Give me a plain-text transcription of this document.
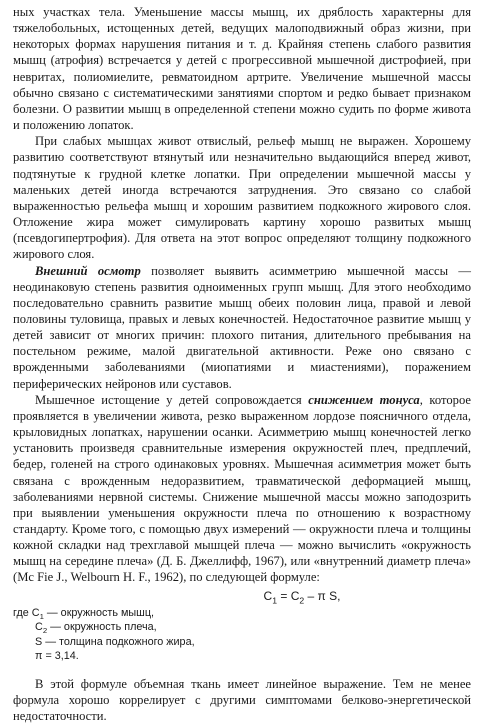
ных участках тела. Уменьшение массы мышц, их дряблость характерны для тяжелобольных, истощенных детей, ведущих малоподвижный образ жизни, при некоторых формах нарушения питания и т. д. Крайняя степень слабого развития мышц (атрофия) встречается у детей с прогрессивной мышечной дистрофией, при невритах, полиомиелите, ревматоидном артрите. Увеличение мышечной массы обычно связано с систематическими занятиями спортом и редко бывает признаком болезни. О развитии мышц в определенной степени можно судить по форме живота и положению лопаток.

При слабых мышцах живот отвислый, рельеф мышц не выражен. Хорошему развитию соответствуют втянутый или незначительно выдающийся вперед живот, подтянутые к грудной клетке лопатки. При определении мышечной массы у маленьких детей иногда встречаются затруднения. Это связано со слабой выраженностью рельефа мышц и хорошим развитием подкожного жирового слоя. Отложение жира может симулировать картину хорошо развитых мышц (псевдогипертрофия). Для ответа на этот вопрос определяют толщину подкожного жирового слоя.

Внешний осмотр позволяет выявить асимметрию мышечной массы — неодинаковую степень развития одноименных групп мышц. Для этого необходимо последовательно сравнить развитие мышц обеих половин лица, правой и левой половины туловища, правых и левых конечностей. Недостаточное развитие мышц у детей зависит от многих причин: плохого питания, длительного пребывания на постельном режиме, малой двигательной активности. Реже оно связано с врожденными заболеваниями (миопатиями и миастениями), поражением периферических нейронов или суставов.

Мышечное истощение у детей сопровождается снижением тонуса, которое проявляется в увеличении живота, резко выраженном лордозе поясничного отдела, крыловидных лопатках, нарушении осанки. Асимметрию мышц конечностей легко установить произведя сравнительные измерения окружностей плеч, предплечий, бедер, голеней на строго одинаковых уровнях. Мышечная асимметрия может быть связана с врожденным недоразвитием, травматической деформацией мышц, заболеваниями нервной системы. Снижение мышечной массы можно заподозрить при выявлении уменьшения окружности плеча по отношению к возрастному стандарту. Кроме того, с помощью двух измерений — окружности плеча и толщины кожной складки над трехглавой мышцей плеча — можно вычислить «окружность мышц на середине плеча» (Д. Б. Джеллифф, 1967), или «внутренний диаметр плеча» (Mc Fie J., Welbourn H. F., 1962), по следующей формуле:

$C_1 = C_2 - \pi$ S,
где $C_1$ — окружность мышц,
$C_2$ — окружность плеча,
S — толщина подкожного жира,
π = 3,14.

В этой формуле объемная ткань имеет линейное выражение. Тем не менее формула хорошо коррелирует с другими симптомами белково-энергетической недостаточности.
